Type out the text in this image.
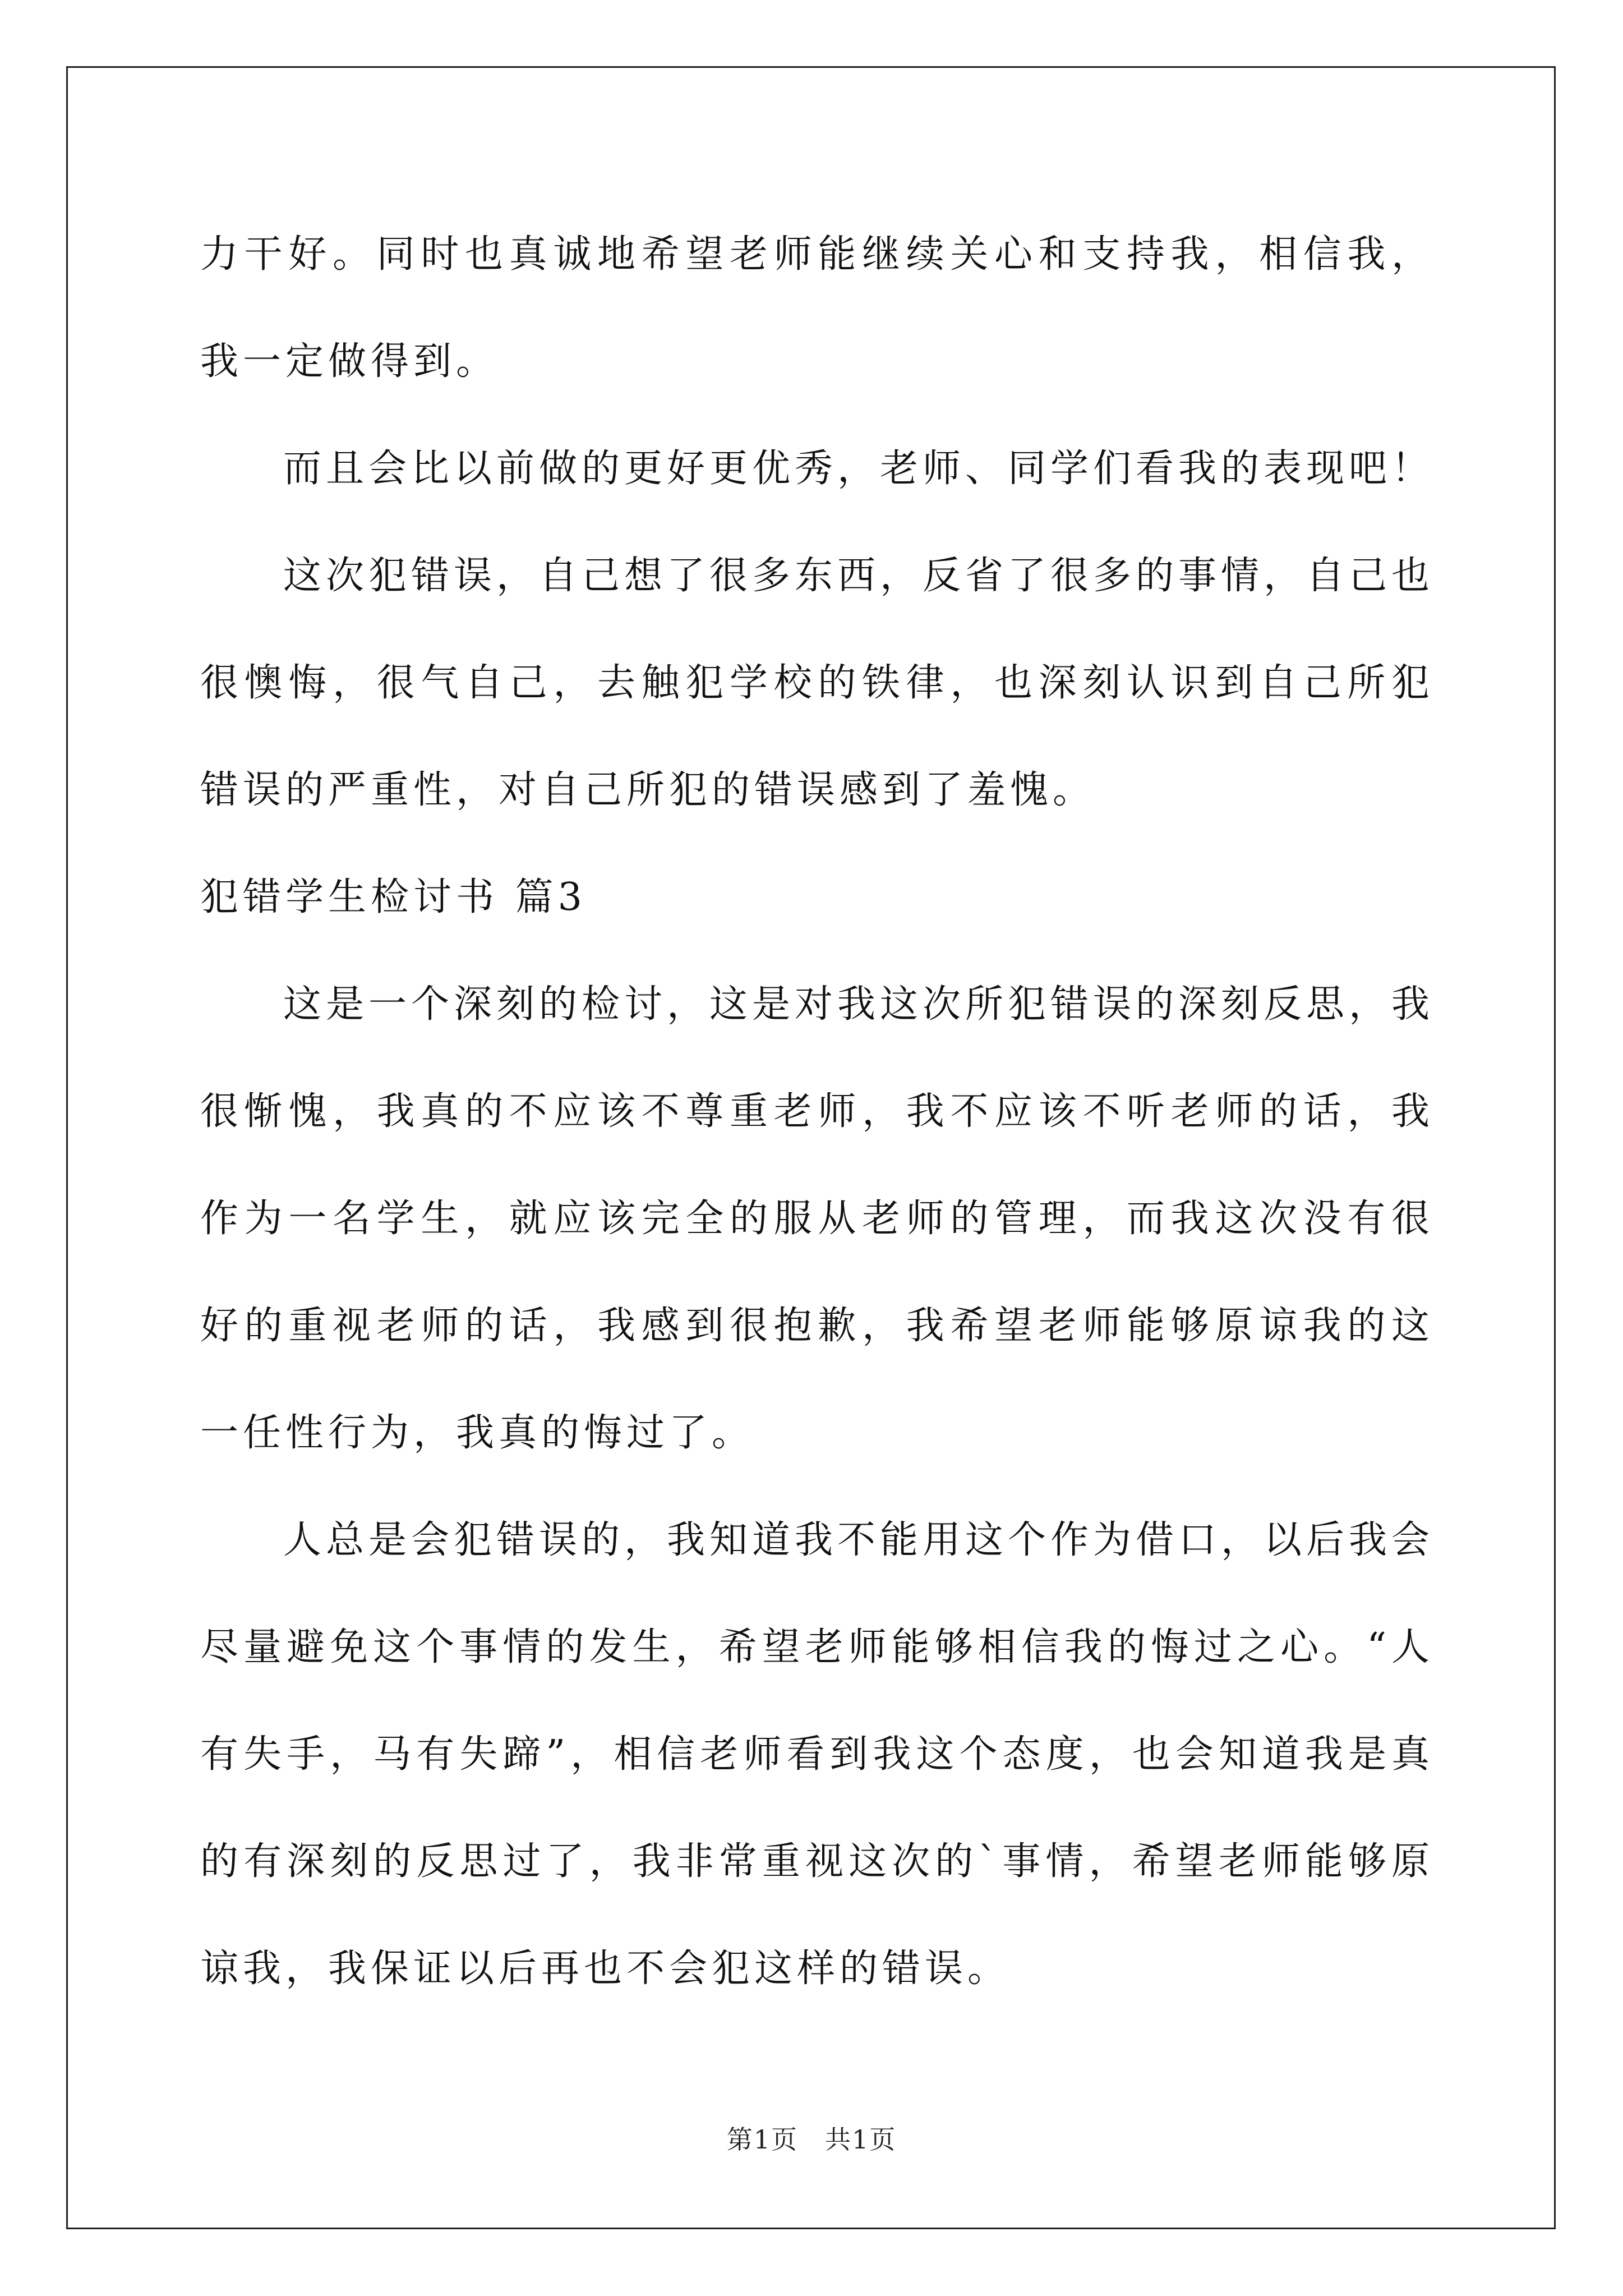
力干好。同时也真诚地希望老师能继续关心和支持我，相信我，我一定做得到。

而且会比以前做的更好更优秀，老师、同学们看我的表现吧！

这次犯错误，自己想了很多东西，反省了很多的事情，自己也很懊悔，很气自己，去触犯学校的铁律，也深刻认识到自己所犯错误的严重性，对自己所犯的错误感到了羞愧。

犯错学生检讨书 篇3

这是一个深刻的检讨，这是对我这次所犯错误的深刻反思，我很惭愧，我真的不应该不尊重老师，我不应该不听老师的话，我作为一名学生，就应该完全的服从老师的管理，而我这次没有很好的重视老师的话，我感到很抱歉，我希望老师能够原谅我的这一任性行为，我真的悔过了。

人总是会犯错误的，我知道我不能用这个作为借口，以后我会尽量避免这个事情的发生，希望老师能够相信我的悔过之心。“人有失手，马有失蹄”，相信老师看到我这个态度，也会知道我是真的有深刻的反思过了，我非常重视这次的`事情，希望老师能够原谅我，我保证以后再也不会犯这样的错误。

第1页 共1页
